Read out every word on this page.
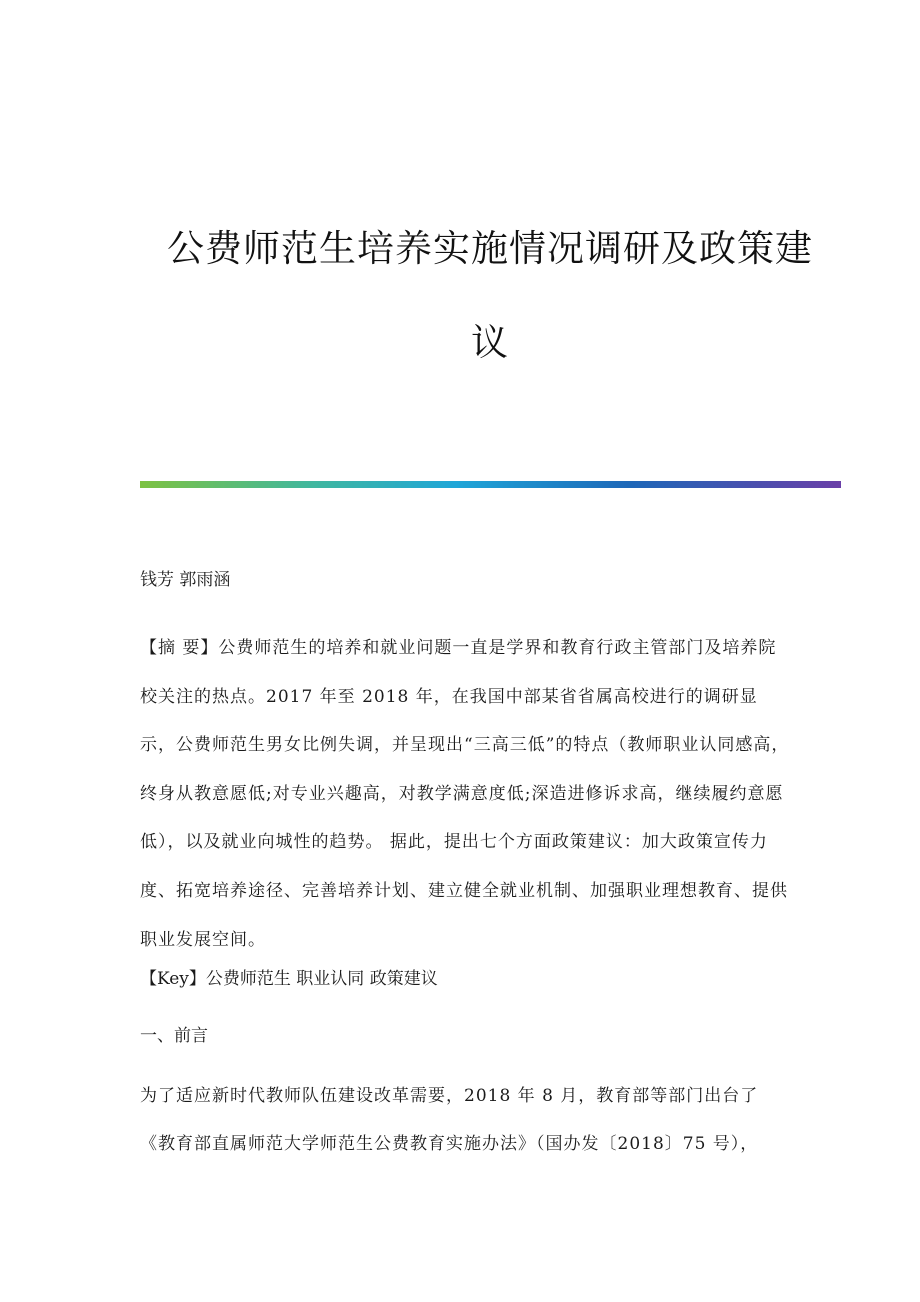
公费师范生培养实施情况调研及政策建
议

钱芳 郭雨涵

【摘 要】公费师范生的培养和就业问题一直是学界和教育行政主管部门及培养院校关注的热点。2017 年至 2018 年，在我国中部某省省属高校进行的调研显示，公费师范生男女比例失调，并呈现出“三高三低”的特点（教师职业认同感高，终身从教意愿低;对专业兴趣高，对教学满意度低;深造进修诉求高，继续履约意愿低），以及就业向城性的趋势。 据此，提出七个方面政策建议：加大政策宣传力度、拓宽培养途径、完善培养计划、建立健全就业机制、加强职业理想教育、提供职业发展空间。

【Key】公费师范生 职业认同 政策建议

一、前言

为了适应新时代教师队伍建设改革需要，2018 年 8 月，教育部等部门出台了
《教育部直属师范大学师范生公费教育实施办法》（国办发〔2018〕75 号），
